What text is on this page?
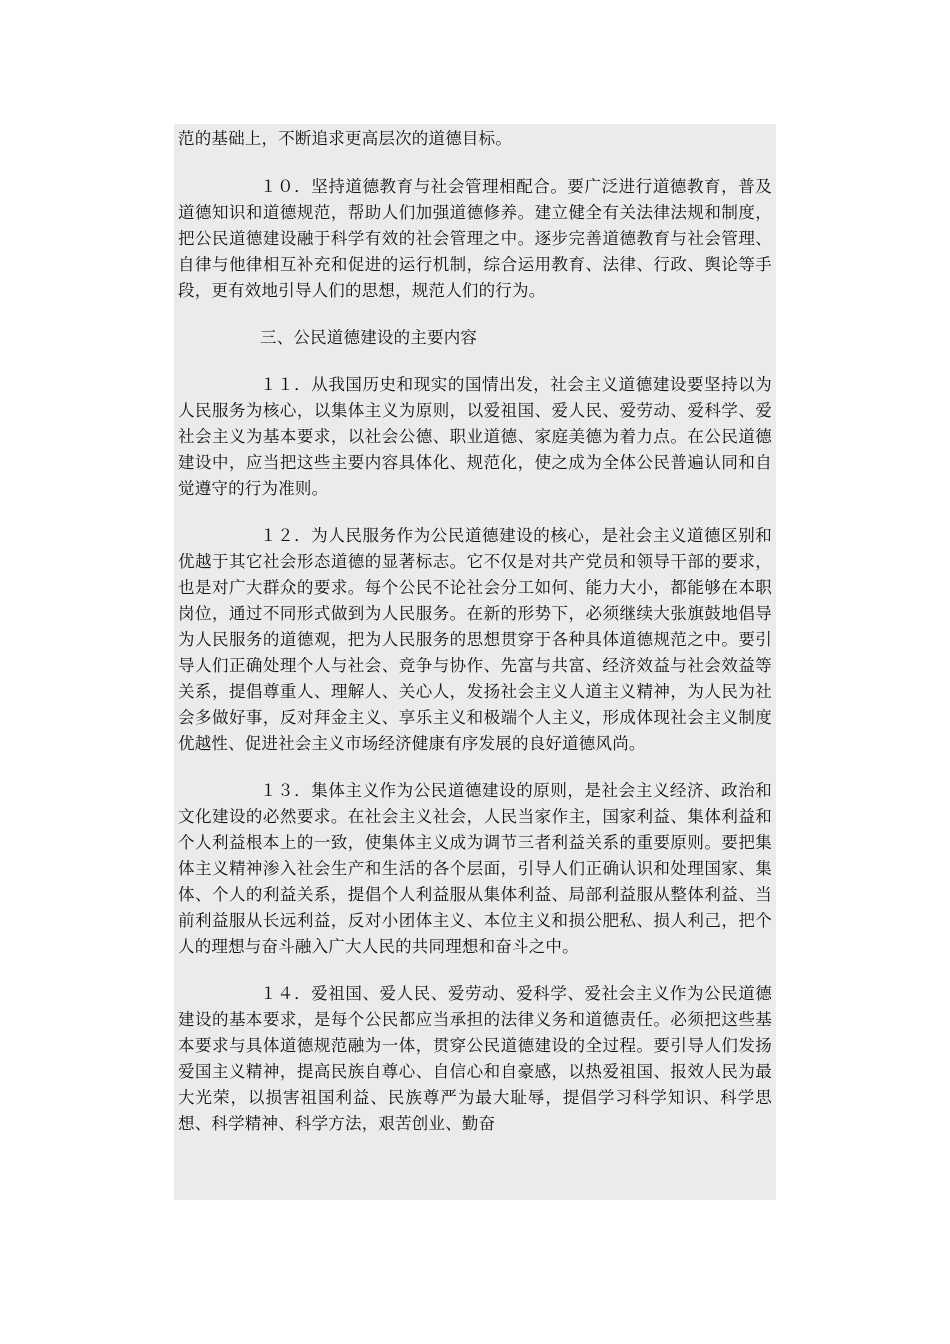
范的基础上，不断追求更高层次的道德目标。

１０．坚持道德教育与社会管理相配合。要广泛进行道德教育，普及道德知识和道德规范，帮助人们加强道德修养。建立健全有关法律法规和制度，把公民道德建设融于科学有效的社会管理之中。逐步完善道德教育与社会管理、自律与他律相互补充和促进的运行机制，综合运用教育、法律、行政、舆论等手段，更有效地引导人们的思想，规范人们的行为。

三、公民道德建设的主要内容

１１．从我国历史和现实的国情出发，社会主义道德建设要坚持以为人民服务为核心，以集体主义为原则，以爱祖国、爱人民、爱劳动、爱科学、爱社会主义为基本要求，以社会公德、职业道德、家庭美德为着力点。在公民道德建设中，应当把这些主要内容具体化、规范化，使之成为全体公民普遍认同和自觉遵守的行为准则。

１２．为人民服务作为公民道德建设的核心，是社会主义道德区别和优越于其它社会形态道德的显著标志。它不仅是对共产党员和领导干部的要求，也是对广大群众的要求。每个公民不论社会分工如何、能力大小，都能够在本职岗位，通过不同形式做到为人民服务。在新的形势下，必须继续大张旗鼓地倡导为人民服务的道德观，把为人民服务的思想贯穿于各种具体道德规范之中。要引导人们正确处理个人与社会、竞争与协作、先富与共富、经济效益与社会效益等关系，提倡尊重人、理解人、关心人，发扬社会主义人道主义精神，为人民为社会多做好事，反对拜金主义、享乐主义和极端个人主义，形成体现社会主义制度优越性、促进社会主义市场经济健康有序发展的良好道德风尚。

１３．集体主义作为公民道德建设的原则，是社会主义经济、政治和文化建设的必然要求。在社会主义社会，人民当家作主，国家利益、集体利益和个人利益根本上的一致，使集体主义成为调节三者利益关系的重要原则。要把集体主义精神渗入社会生产和生活的各个层面，引导人们正确认识和处理国家、集体、个人的利益关系，提倡个人利益服从集体利益、局部利益服从整体利益、当前利益服从长远利益，反对小团体主义、本位主义和损公肥私、损人利己，把个人的理想与奋斗融入广大人民的共同理想和奋斗之中。

１４．爱祖国、爱人民、爱劳动、爱科学、爱社会主义作为公民道德建设的基本要求，是每个公民都应当承担的法律义务和道德责任。必须把这些基本要求与具体道德规范融为一体，贯穿公民道德建设的全过程。要引导人们发扬爱国主义精神，提高民族自尊心、自信心和自豪感，以热爱祖国、报效人民为最大光荣，以损害祖国利益、民族尊严为最大耻辱，提倡学习科学知识、科学思想、科学精神、科学方法，艰苦创业、勤奋
